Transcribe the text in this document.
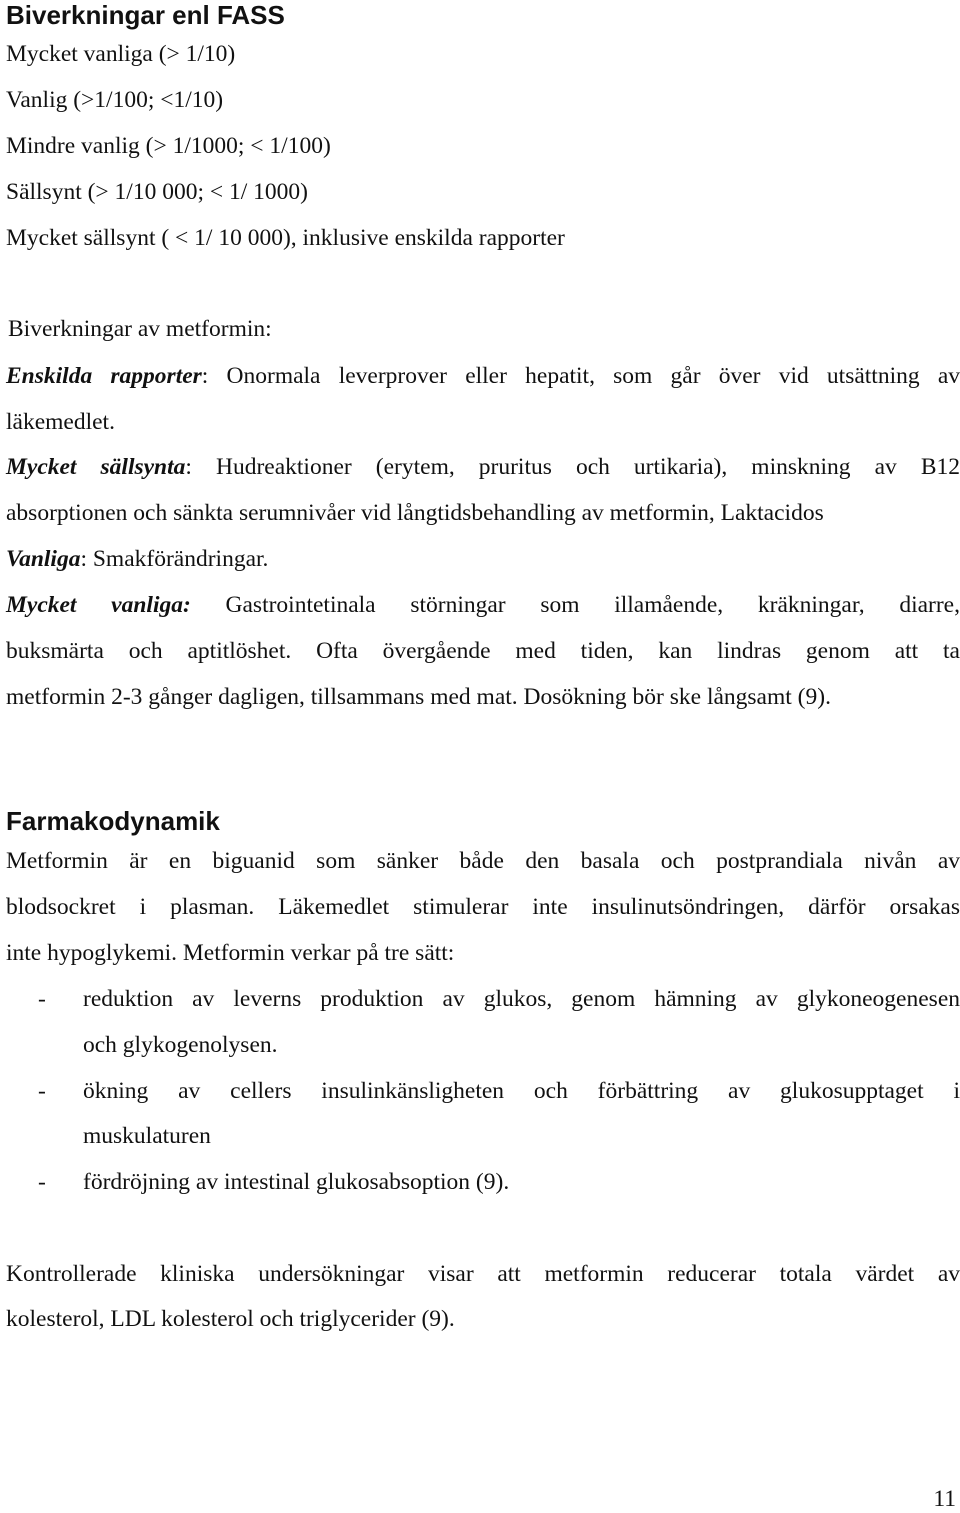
Biverkningar enl FASS

Mycket vanliga (> 1/10)

Vanlig (>1/100; <1/10)

Mindre vanlig (> 1/1000; < 1/100)

Sällsynt (> 1/10 000; < 1/ 1000)

Mycket sällsynt ( < 1/ 10 000), inklusive enskilda rapporter

Biverkningar av metformin:

Enskilda rapporter: Onormala leverprover eller hepatit, som går över vid utsättning av

läkemedlet.

Mycket sällsynta: Hudreaktioner (erytem, pruritus och urtikaria), minskning av B12

absorptionen och sänkta serumnivåer vid långtidsbehandling av metformin, Laktacidos

Vanliga: Smakförändringar.

Mycket vanliga: Gastrointetinala störningar som illamående, kräkningar, diarre,

buksmärta och aptitlöshet. Ofta övergående med tiden, kan lindras genom att ta

metformin 2-3 gånger dagligen, tillsammans med mat. Dosökning bör ske långsamt (9).

Farmakodynamik

Metformin är en biguanid som sänker både den basala och postprandiala nivån av

blodsockret i plasman. Läkemedlet stimulerar inte insulinutsöndringen, därför orsakas

inte hypoglykemi. Metformin verkar på tre sätt:

- reduktion av leverns produktion av glukos, genom hämning av glykoneogenesen
och glykogenolysen.
- ökning av cellers insulinkänsligheten och förbättring av glukosupptaget i
muskulaturen
- fördröjning av intestinal glukosabsoption (9).

Kontrollerade kliniska undersökningar visar att metformin reducerar totala värdet av

kolesterol, LDL kolesterol och triglycerider (9).

11
